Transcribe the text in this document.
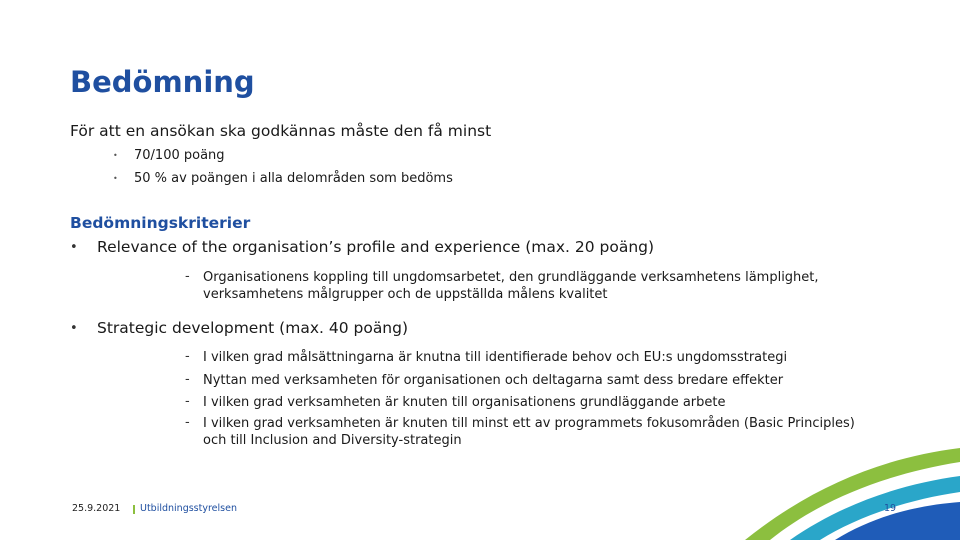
Bedömning
För att en ansökan ska godkännas måste den få minst
• 70/100 poäng
• 50 % av poängen i alla delområden som bedöms
Bedömningskriterier
• Relevance of the organisation’s profile and experience (max. 20 poäng)
- Organisationens koppling till ungdomsarbetet, den grundläggande verksamhetens lämplighet, verksamhetens målgrupper och de uppställda målens kvalitet
• Strategic development (max. 40 poäng)
- I vilken grad målsättningarna är knutna till identifierade behov och EU:s ungdomsstrategi
- Nyttan med verksamheten för organisationen och deltagarna samt dess bredare effekter
- I vilken grad verksamheten är knuten till organisationens grundläggande arbete
- I vilken grad verksamheten är knuten till minst ett av programmets fokusområden (Basic Principles) och till Inclusion and Diversity-strategin
25.9.2021 Utbildningsstyrelsen	19
